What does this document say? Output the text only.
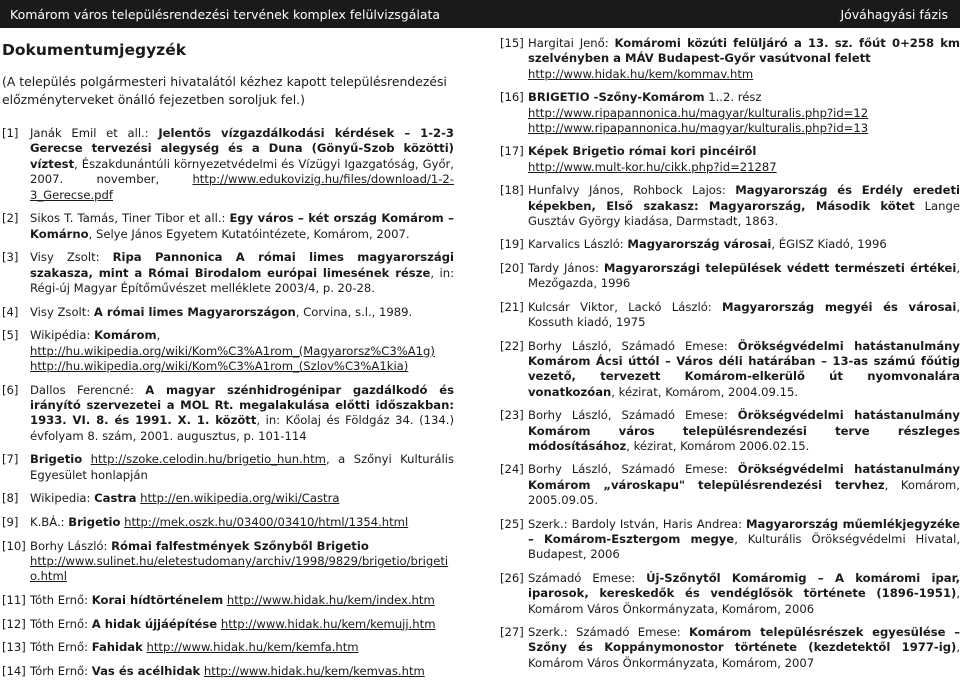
Komárom város településrendezési tervének komplex felülvizsgálata	Jóváhagyási fázis
Dokumentumjegyzék
(A település polgármesteri hivatalától kézhez kapott településrendezési előzményterveket önálló fejezetben soroljuk fel.)
[1] Janák Emil et all.: Jelentős vízgazdálkodási kérdések – 1-2-3 Gerecse tervezési alegység és a Duna (Gönyű-Szob közötti) víztest, Északdunántúli környezetvédelmi és Vízügyi Igazgatóság, Győr, 2007. november, http://www.edukovizig.hu/files/download/1-2-3_Gerecse.pdf
[2] Sikos T. Tamás, Tiner Tibor et all.: Egy város – két ország Komárom – Komárno, Selye János Egyetem Kutatóintézete, Komárom, 2007.
[3] Visy Zsolt: Ripa Pannonica A római limes magyarországi szakasza, mint a Római Birodalom európai limesének része, in: Régi-új Magyar Építőművészet melléklete 2003/4, p. 20-28.
[4] Visy Zsolt: A római limes Magyarországon, Corvina, s.l., 1989.
[5] Wikipédia: Komárom,
http://hu.wikipedia.org/wiki/Kom%C3%A1rom_(Magyarorsz%C3%A1g)
http://hu.wikipedia.org/wiki/Kom%C3%A1rom_(Szlov%C3%A1kia)
[6] Dallos Ferencné: A magyar szénhidrogénipar gazdálkodó és irányító szervezetei a MOL Rt. megalakulása előtti időszakban: 1933. VI. 8. és 1991. X. 1. között, in: Kőolaj és Földgáz 34. (134.) évfolyam 8. szám, 2001. augusztus, p. 101-114
[7] Brigetio http://szoke.celodin.hu/brigetio_hun.htm, a Szőnyi Kulturális Egyesület honlapján
[8] Wikipedia: Castra http://en.wikipedia.org/wiki/Castra
[9] K.BÁ.: Brigetio http://mek.oszk.hu/03400/03410/html/1354.html
[10] Borhy László: Római falfestmények Szőnyből Brigetio
http://www.sulinet.hu/eletestudomany/archiv/1998/9829/brigetio/brigetio.html
[11] Tóth Ernő: Korai hídtörténelem http://www.hidak.hu/kem/index.htm
[12] Tóth Ernő: A hidak újjáépítése http://www.hidak.hu/kem/kemujj.htm
[13] Tóth Ernő: Fahidak http://www.hidak.hu/kem/kemfa.htm
[14] Tórh Ernő: Vas és acélhidak http://www.hidak.hu/kem/kemvas.htm
[15] Hargitai Jenő: Komáromi közúti felüljáró a 13. sz. főút 0+258 km szelvényben a MÁV Budapest-Győr vasútvonal felett
http://www.hidak.hu/kem/kommav.htm
[16] BRIGETIO -Szőny-Komárom 1..2. rész
http://www.ripapannonica.hu/magyar/kulturalis.php?id=12
http://www.ripapannonica.hu/magyar/kulturalis.php?id=13
[17] Képek Brigetio római kori pincéiről
http://www.mult-kor.hu/cikk.php?id=21287
[18] Hunfalvy János, Rohbock Lajos: Magyarország és Erdély eredeti képekben, Első szakasz: Magyarország, Második kötet Lange Gusztáv György kiadása, Darmstadt, 1863.
[19] Karvalics László: Magyarország városai, ÉGISZ Kiadó, 1996
[20] Tardy János: Magyarországi települések védett természeti értékei, Mezőgazda, 1996
[21] Kulcsár Viktor, Lackó László: Magyarország megyéi és városai, Kossuth kiadó, 1975
[22] Borhy László, Számadó Emese: Örökségvédelmi hatástanulmány Komárom Ácsi úttól – Város déli határában – 13-as számú főútig vezető, tervezett Komárom-elkerülő út nyomvonalára vonatkozóan, kézirat, Komárom, 2004.09.15.
[23] Borhy László, Számadó Emese: Örökségvédelmi hatástanulmány Komárom város településrendezési terve részleges módosításához, kézirat, Komárom 2006.02.15.
[24] Borhy László, Számadó Emese: Örökségvédelmi hatástanulmány Komárom „városkapu" településrendezési tervhez, Komárom, 2005.09.05.
[25] Szerk.: Bardoly István, Haris Andrea: Magyarország műemlékjegyzéke – Komárom-Esztergom megye, Kulturális Örökségvédelmi Hivatal, Budapest, 2006
[26] Számadó Emese: Új-Szőnytől Komáromig – A komáromi ipar, iparosok, kereskedők és vendéglősök története (1896-1951), Komárom Város Önkormányzata, Komárom, 2006
[27] Szerk.: Számadó Emese: Komárom településrészek egyesülése – Szőny és Koppánymonostor története (kezdetektől 1977-ig), Komárom Város Önkormányzata, Komárom, 2007
